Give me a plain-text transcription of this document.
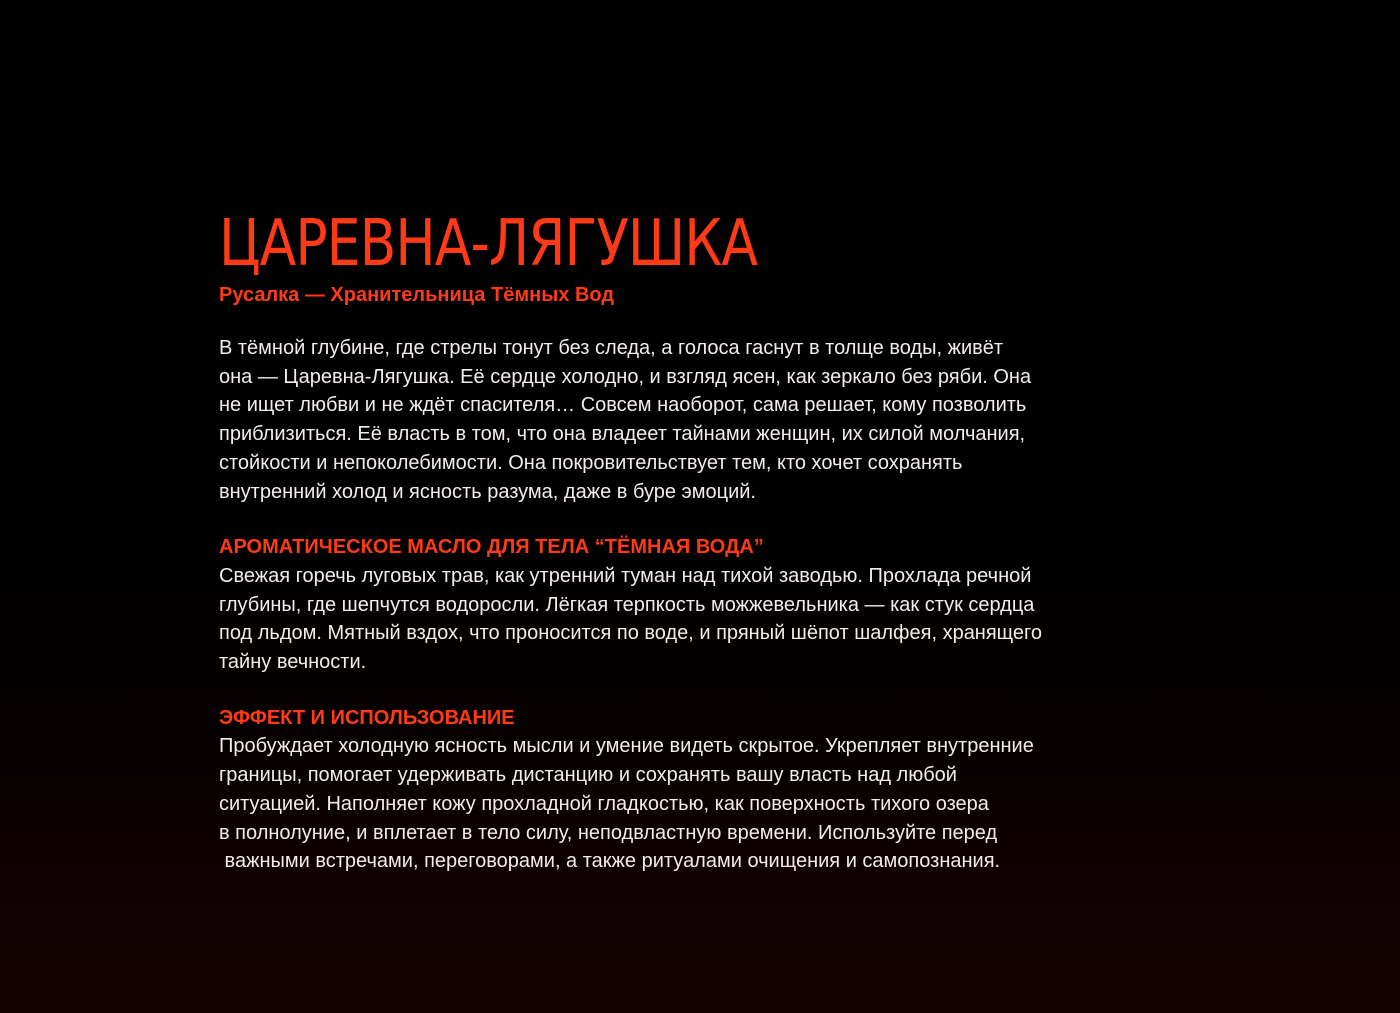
ЦАРЕВНА-ЛЯГУШКА
Русалка — Хранительница Тёмных Вод
В тёмной глубине, где стрелы тонут без следа, а голоса гаснут в толще воды, живёт
она — Царевна-Лягушка. Её сердце холодно, и взгляд ясен, как зеркало без ряби. Она
не ищет любви и не ждёт спасителя… Совсем наоборот, сама решает, кому позволить
приблизиться. Её власть в том, что она владеет тайнами женщин, их силой молчания,
стойкости и непоколебимости. Она покровительствует тем, кто хочет сохранять
внутренний холод и ясность разума, даже в буре эмоций.
АРОМАТИЧЕСКОЕ МАСЛО ДЛЯ ТЕЛА “ТЁМНАЯ ВОДА”
Свежая горечь луговых трав, как утренний туман над тихой заводью. Прохлада речной
глубины, где шепчутся водоросли. Лёгкая терпкость можжевельника — как стук сердца
под льдом. Мятный вздох, что проносится по воде, и пряный шёпот шалфея, хранящего
тайну вечности.
ЭФФЕКТ И ИСПОЛЬЗОВАНИЕ
Пробуждает холодную ясность мысли и умение видеть скрытое. Укрепляет внутренние
границы, помогает удерживать дистанцию и сохранять вашу власть над любой
ситуацией. Наполняет кожу прохладной гладкостью, как поверхность тихого озера
в полнолуние, и вплетает в тело силу, неподвластную времени. Используйте перед
важными встречами, переговорами, а также ритуалами очищения и самопознания.
